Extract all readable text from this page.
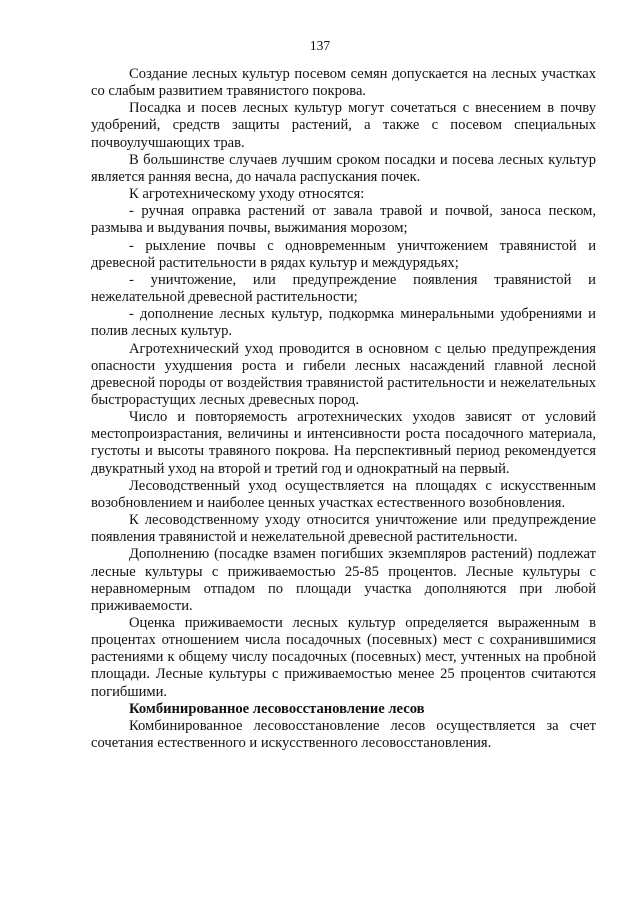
137

Создание лесных культур посевом семян допускается на лесных участках со слабым развитием травянистого покрова.

Посадка и посев лесных культур могут сочетаться с внесением в почву удобрений, средств защиты растений, а также с посевом специальных почвоулучшающих трав.

В большинстве случаев лучшим сроком посадки и посева лесных культур является ранняя весна, до начала распускания почек.

К агротехническому уходу относятся:

- ручная оправка растений от завала травой и почвой, заноса песком, размыва и выдувания почвы, выжимания морозом;

- рыхление почвы с одновременным уничтожением травянистой и древесной растительности в рядах культур и междурядьях;

- уничтожение, или предупреждение появления травянистой и нежелательной древесной растительности;

- дополнение лесных культур, подкормка минеральными удобрениями и полив лесных культур.

Агротехнический уход проводится в основном с целью предупреждения опасности ухудшения роста и гибели лесных насаждений главной лесной древесной породы от воздействия травянистой растительности и нежелательных быстрорастущих лесных древесных пород.

Число и повторяемость агротехнических уходов зависят от условий местопроизрастания, величины и интенсивности роста посадочного материала, густоты и высоты травяного покрова. На перспективный период рекомендуется двукратный уход на второй и третий год и однократный на первый.

Лесоводственный уход осуществляется на площадях с искусственным возобновлением и наиболее ценных участках естественного возобновления.

К лесоводственному уходу относится уничтожение или предупреждение появления травянистой и нежелательной древесной растительности.

Дополнению (посадке взамен погибших экземпляров растений) подлежат лесные культуры с приживаемостью 25-85 процентов. Лесные культуры с неравномерным отпадом по площади участка дополняются при любой приживаемости.

Оценка приживаемости лесных культур определяется выраженным в процентах отношением числа посадочных (посевных) мест с сохранившимися растениями к общему числу посадочных (посевных) мест, учтенных на пробной площади. Лесные культуры с приживаемостью менее 25 процентов считаются погибшими.

Комбинированное лесовосстановление лесов

Комбинированное лесовосстановление лесов осуществляется за счет сочетания естественного и искусственного лесовосстановления.
